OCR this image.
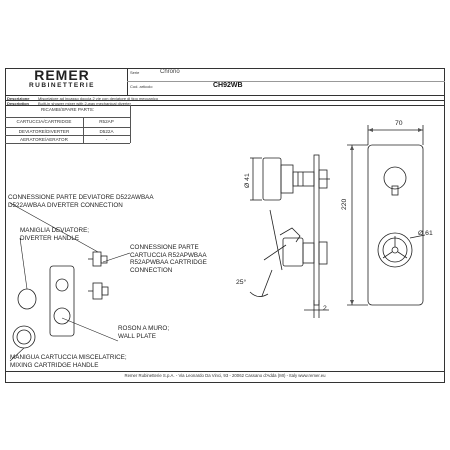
REMER
RUBINETTERIE
Serie	Chrono
Cod. articolo	CH92WB
Descrizione Miscelatore ad incasso doccia 2 vie con deviatore di tipo meccanico
Description Built-in shower mixer with 2-way mechanical diverter
RICAMBI/SPARE PARTS:
CARTUCCIA/CARTRIDGE	R52AP
DEVIATORE/DIVERTER	D522A
AERATORE/AERATOR	-
70
220
Ø 41
Ø 61
25°
2
CONNESSIONE PARTE DEVIATORE D522AWBAA
D522AWBAA DIVERTER CONNECTION
MANIGLIA DEVIATORE;
DIVERTER HANDLE
CONNESSIONE PARTE
CARTUCCIA R52APWBAA
R52APWBAA CARTRIDGE
CONNECTION
ROSON A MURO;
WALL PLATE
MANIGUA CARTUCCIA MISCELATRICE;
MIXING CARTRIDGE HANDLE
Remer Rubinetterie S.p.A. - Via Leonardo Da Vinci, 93 - 20062 Cassano d'Adda (MI) - Italy www.remer.eu
